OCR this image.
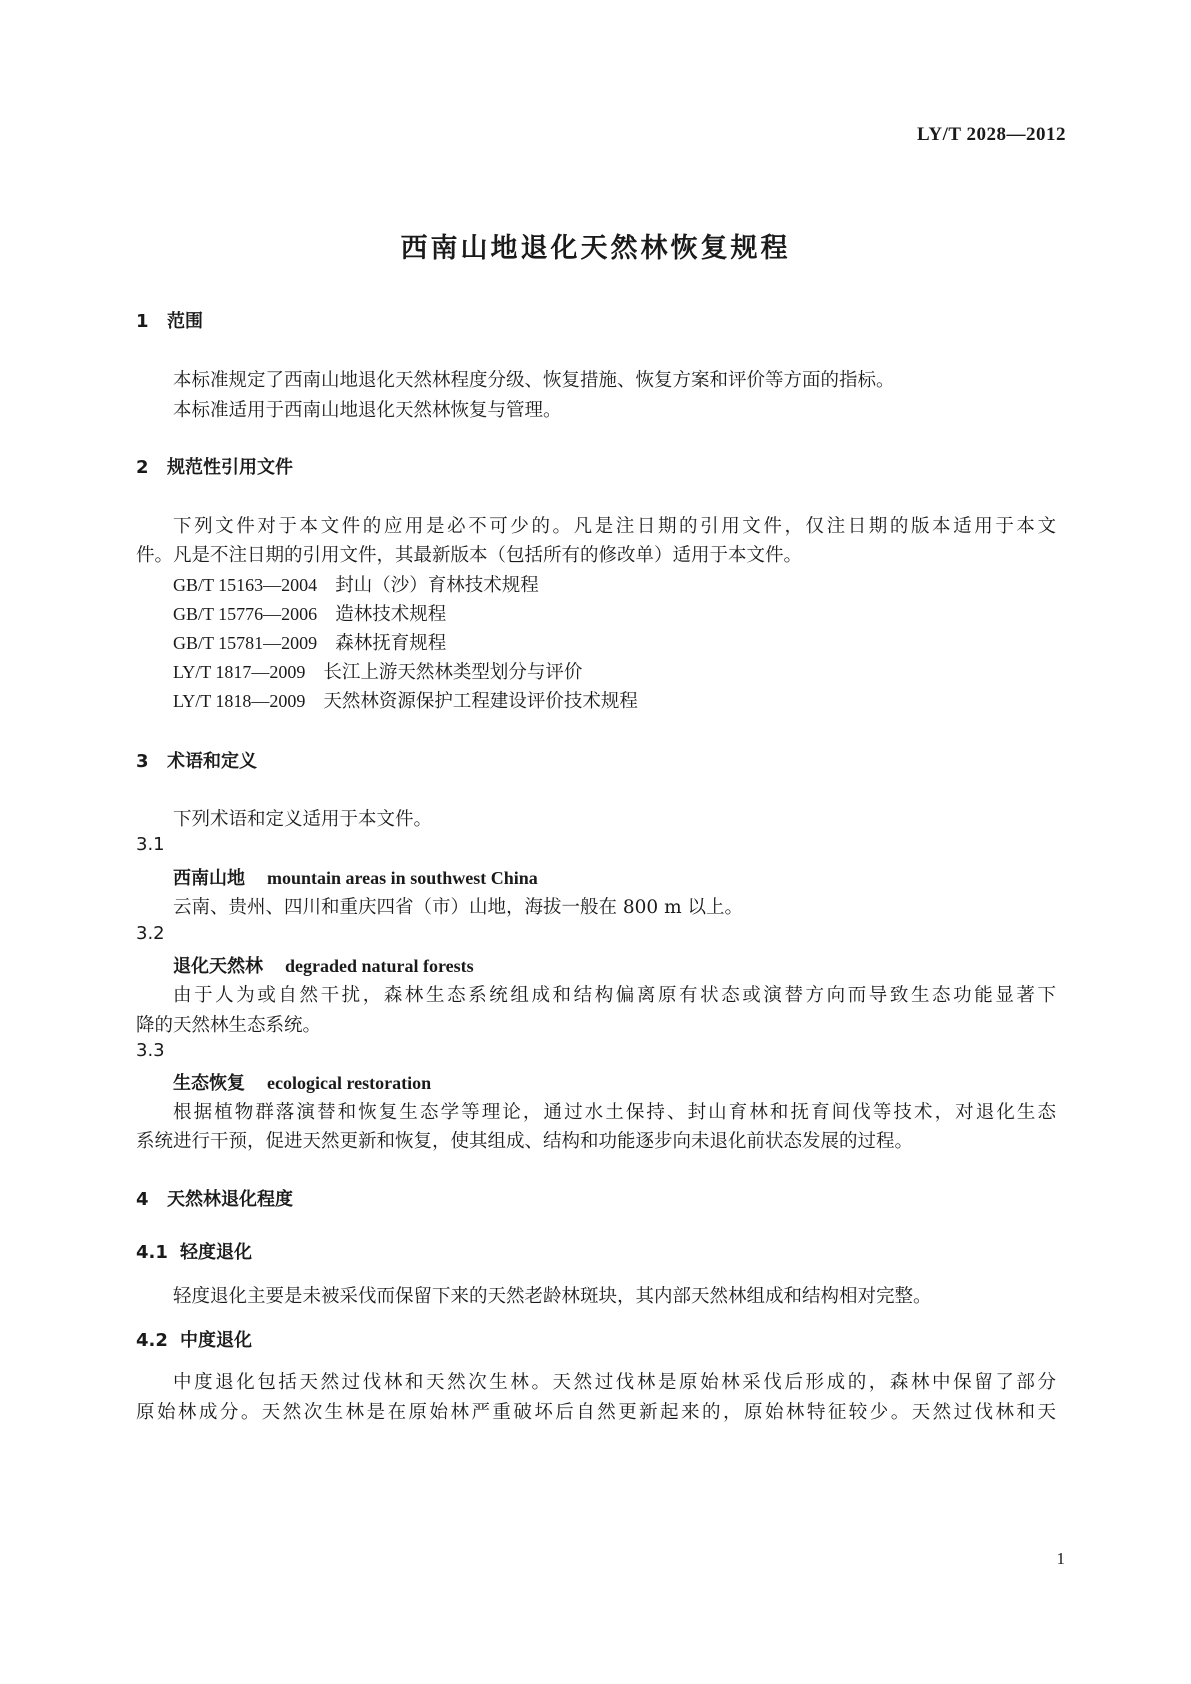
LY/T 2028—2012
西南山地退化天然林恢复规程
1 范围
本标准规定了西南山地退化天然林程度分级、恢复措施、恢复方案和评价等方面的指标。
本标准适用于西南山地退化天然林恢复与管理。
2 规范性引用文件
下列文件对于本文件的应用是必不可少的。凡是注日期的引用文件，仅注日期的版本适用于本文
件。凡是不注日期的引用文件，其最新版本（包括所有的修改单）适用于本文件。
GB/T 15163—2004 封山（沙）育林技术规程
GB/T 15776—2006 造林技术规程
GB/T 15781—2009 森林抚育规程
LY/T 1817—2009 长江上游天然林类型划分与评价
LY/T 1818—2009 天然林资源保护工程建设评价技术规程
3 术语和定义
下列术语和定义适用于本文件。
3.1
西南山地 mountain areas in southwest China
云南、贵州、四川和重庆四省（市）山地，海拔一般在 800 m 以上。
3.2
退化天然林 degraded natural forests
由于人为或自然干扰，森林生态系统组成和结构偏离原有状态或演替方向而导致生态功能显著下
降的天然林生态系统。
3.3
生态恢复 ecological restoration
根据植物群落演替和恢复生态学等理论，通过水土保持、封山育林和抚育间伐等技术，对退化生态
系统进行干预，促进天然更新和恢复，使其组成、结构和功能逐步向未退化前状态发展的过程。
4 天然林退化程度
4.1 轻度退化
轻度退化主要是未被采伐而保留下来的天然老龄林斑块，其内部天然林组成和结构相对完整。
4.2 中度退化
中度退化包括天然过伐林和天然次生林。天然过伐林是原始林采伐后形成的，森林中保留了部分
原始林成分。天然次生林是在原始林严重破坏后自然更新起来的，原始林特征较少。天然过伐林和天
1
